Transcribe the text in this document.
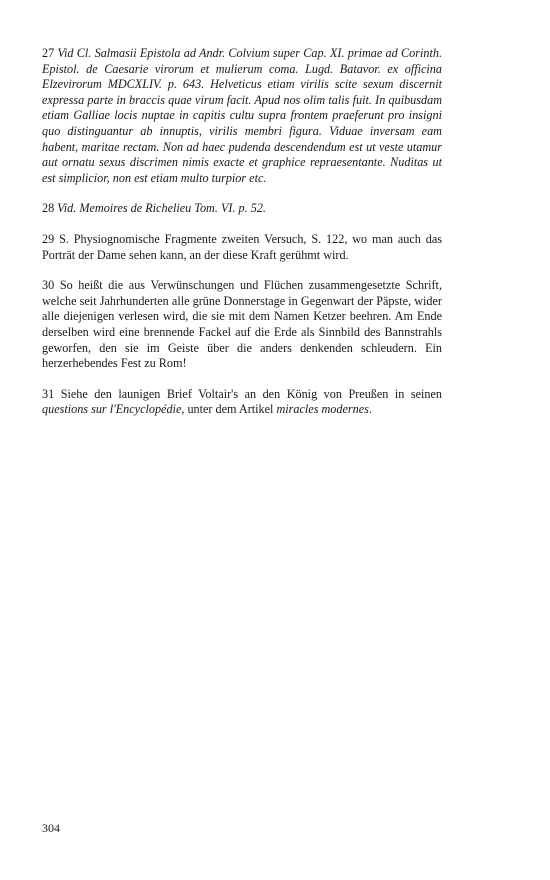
27 Vid Cl. Salmasii Epistola ad Andr. Colvium super Cap. XI. primae ad Corinth. Epistol. de Caesarie virorum et mulierum coma. Lugd. Batavor. ex officina Elzevirorum MDCXLIV. p. 643. Helveticus etiam virilis scite sexum discernit expressa parte in braccis quae virum facit. Apud nos olim talis fuit. In quibusdam etiam Galliae locis nuptae in capitis cultu supra frontem praeferunt pro insigni quo distinguantur ab innuptis, virilis membri figura. Viduae inversam eam habent, maritae rectam. Non ad haec pudenda descendendum est ut veste utamur aut ornatu sexus discrimen nimis exacte et graphice repraesentante. Nuditas ut est simplicior, non est etiam multo turpior etc.

28 Vid. Memoires de Richelieu Tom. VI. p. 52.

29 S. Physiognomische Fragmente zweiten Versuch, S. 122, wo man auch das Porträt der Dame sehen kann, an der diese Kraft gerühmt wird.

30 So heißt die aus Verwünschungen und Flüchen zusammengesetzte Schrift, welche seit Jahrhunderten alle grüne Donnerstage in Gegenwart der Päpste, wider alle diejenigen verlesen wird, die sie mit dem Namen Ketzer beehren. Am Ende derselben wird eine brennende Fackel auf die Erde als Sinnbild des Bannstrahls geworfen, den sie im Geiste über die anders denkenden schleudern. Ein herzerhebendes Fest zu Rom!

31 Siehe den launigen Brief Voltair's an den König von Preußen in seinen questions sur l'Encyclopédie, unter dem Artikel miracles modernes.

304
